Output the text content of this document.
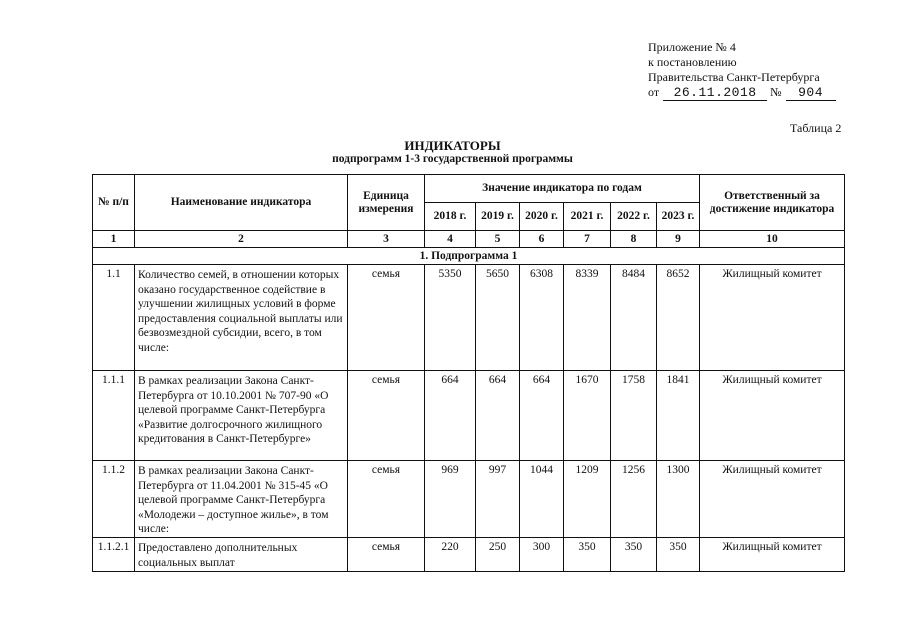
Приложение № 4
к постановлению
Правительства Санкт-Петербурга
от 26.11.2018 № 904
Таблица 2
ИНДИКАТОРЫ
подпрограмм 1-3 государственной программы
№ п/п	Наименование индикатора	Единица измерения	Значение индикатора по годам						Ответственный за достижение индикатора
			2018 г.	2019 г.	2020 г.	2021 г.	2022 г.	2023 г.	
1	2	3	4	5	6	7	8	9	10
1. Подпрограмма 1									
1.1	Количество семей, в отношении которых оказано государственное содействие в улучшении жилищных условий в форме предоставления социальной выплаты или безвозмездной субсидии, всего, в том числе:	семья	5350	5650	6308	8339	8484	8652	Жилищный комитет
1.1.1	В рамках реализации Закона Санкт-Петербурга от 10.10.2001 № 707-90 «О целевой программе Санкт-Петербурга «Развитие долгосрочного жилищного кредитования в Санкт-Петербурге»	семья	664	664	664	1670	1758	1841	Жилищный комитет
1.1.2	В рамках реализации Закона Санкт-Петербурга от 11.04.2001 № 315-45 «О целевой программе Санкт-Петербурга «Молодежи – доступное жилье», в том числе:	семья	969	997	1044	1209	1256	1300	Жилищный комитет
1.1.2.1	Предоставлено дополнительных социальных выплат	семья	220	250	300	350	350	350	Жилищный комитет
